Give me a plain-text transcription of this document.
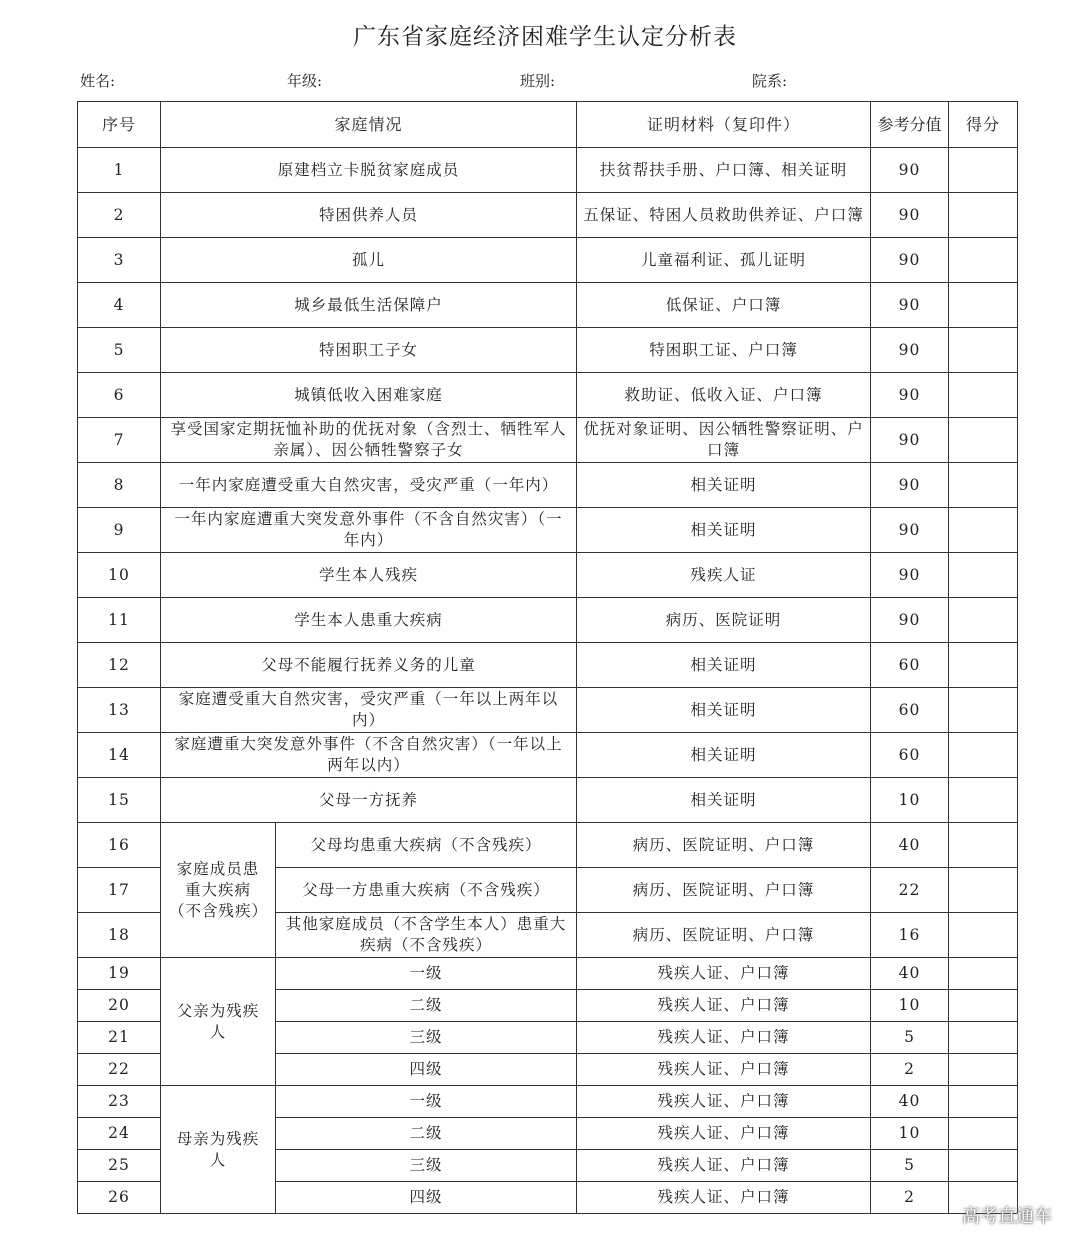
广东省家庭经济困难学生认定分析表
姓名:	年级:	班别:	院系:
序号	家庭情况		证明材料（复印件）	参考分值	得分
1	原建档立卡脱贫家庭成员		扶贫帮扶手册、户口簿、相关证明	90	
2	特困供养人员		五保证、特困人员救助供养证、户口簿	90	
3	孤儿		儿童福利证、孤儿证明	90	
4	城乡最低生活保障户		低保证、户口簿	90	
5	特困职工子女		特困职工证、户口簿	90	
6	城镇低收入困难家庭		救助证、低收入证、户口簿	90	
7	享受国家定期抚恤补助的优抚对象（含烈士、牺牲军人亲属）、因公牺牲警察子女		优抚对象证明、因公牺牲警察证明、户口簿	90	
8	一年内家庭遭受重大自然灾害，受灾严重（一年内）		相关证明	90	
9	一年内家庭遭重大突发意外事件（不含自然灾害）（一年内）		相关证明	90	
10	学生本人残疾		残疾人证	90	
11	学生本人患重大疾病		病历、医院证明	90	
12	父母不能履行抚养义务的儿童		相关证明	60	
13	家庭遭受重大自然灾害，受灾严重（一年以上两年以内）		相关证明	60	
14	家庭遭重大突发意外事件（不含自然灾害）（一年以上两年以内）		相关证明	60	
15	父母一方抚养		相关证明	10	
16	家庭成员患重大疾病（不含残疾）	父母均患重大疾病（不含残疾）	病历、医院证明、户口簿	40	
17		父母一方患重大疾病（不含残疾）	病历、医院证明、户口簿	22	
18		其他家庭成员（不含学生本人）患重大疾病（不含残疾）	病历、医院证明、户口簿	16	
19	父亲为残疾人	一级	残疾人证、户口簿	40	
20		二级	残疾人证、户口簿	10	
21		三级	残疾人证、户口簿	5	
22		四级	残疾人证、户口簿	2	
23	母亲为残疾人	一级	残疾人证、户口簿	40	
24		二级	残疾人证、户口簿	10	
25		三级	残疾人证、户口簿	5	
26		四级	残疾人证、户口簿	2	
高考直通车
